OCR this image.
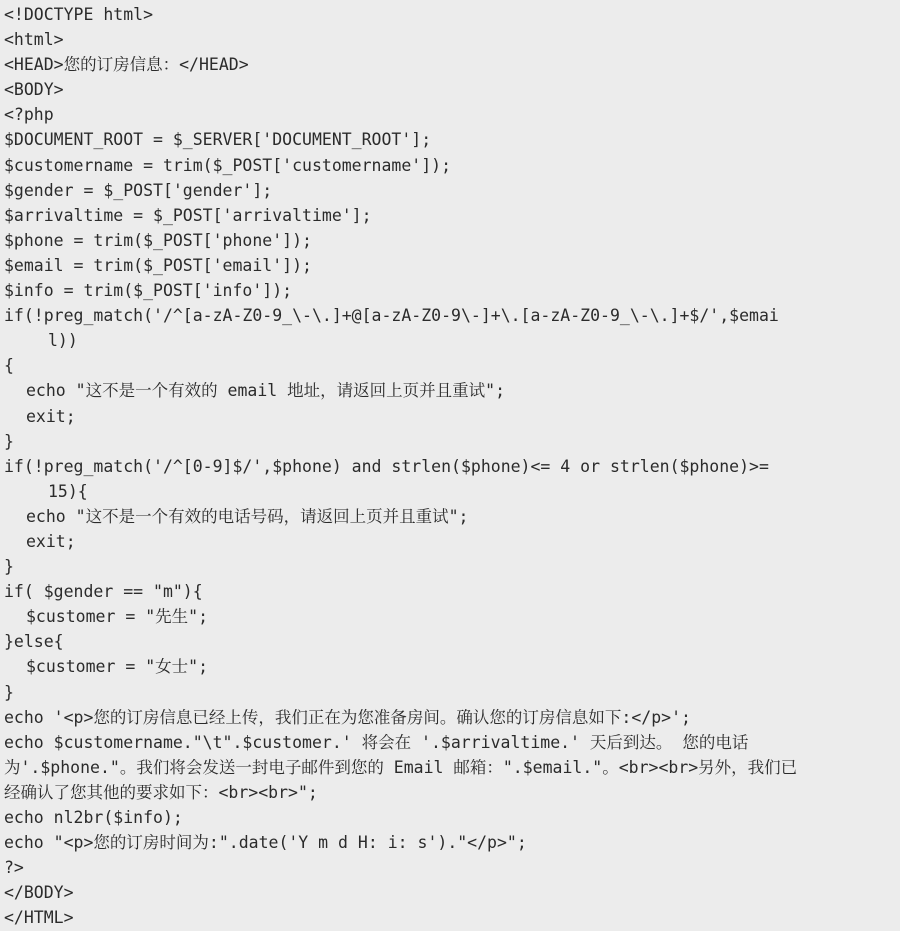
<!DOCTYPE html>
<html>
<HEAD>您的订房信息：</HEAD>
<BODY>
<?php
$DOCUMENT_ROOT = $_SERVER['DOCUMENT_ROOT'];
$customername = trim($_POST['customername']);
$gender = $_POST['gender'];
$arrivaltime = $_POST['arrivaltime'];
$phone = trim($_POST['phone']);
$email = trim($_POST['email']);
$info = trim($_POST['info']);
if(!preg_match('/^[a-zA-Z0-9_\-\.]+@[a-zA-Z0-9\-]+\.[a-zA-Z0-9_\-\.]+$/',$emai
l))
{
echo "这不是一个有效的 email 地址，请返回上页并且重试";
exit;
}
if(!preg_match('/^[0-9]$/',$phone) and strlen($phone)<= 4 or strlen($phone)>=
15){
echo "这不是一个有效的电话号码，请返回上页并且重试";
exit;
}
if( $gender == "m"){
$customer = "先生";
}else{
$customer = "女士";
}
echo '<p>您的订房信息已经上传，我们正在为您准备房间。确认您的订房信息如下:</p>';
echo $customername."\t".$customer.' 将会在 '.$arrivaltime.' 天后到达。 您的电话
为'.$phone."。我们将会发送一封电子邮件到您的 Email 邮箱：".$email."。<br><br>另外，我们已
经确认了您其他的要求如下：<br><br>";
echo nl2br($info);
echo "<p>您的订房时间为:".date('Y m d H: i: s')."</p>";
?>
</BODY>
</HTML>
